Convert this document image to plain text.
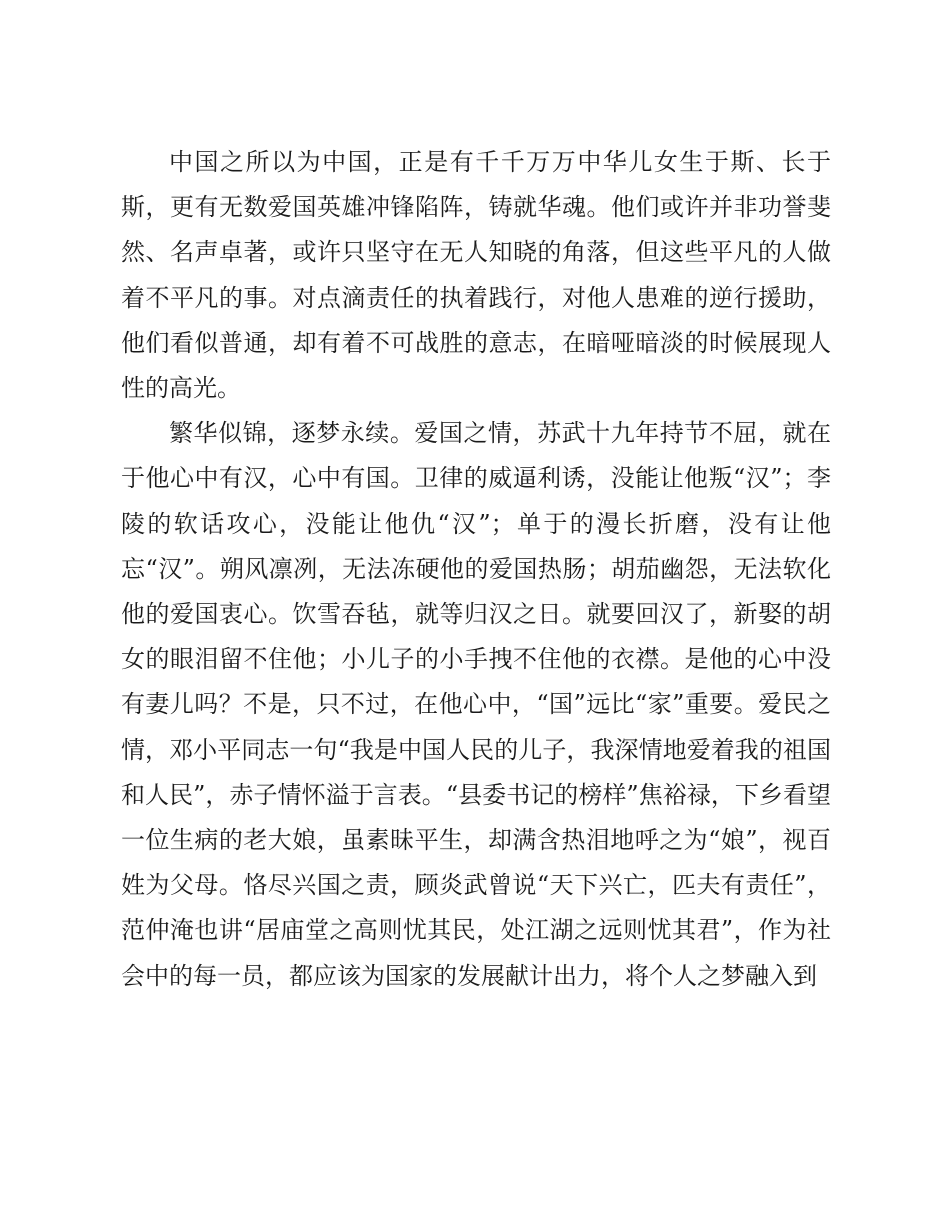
中国之所以为中国，正是有千千万万中华儿女生于斯、长于斯，更有无数爱国英雄冲锋陷阵，铸就华魂。他们或许并非功誉斐然、名声卓著，或许只坚守在无人知晓的角落，但这些平凡的人做着不平凡的事。对点滴责任的执着践行，对他人患难的逆行援助，他们看似普通，却有着不可战胜的意志，在暗哑暗淡的时候展现人性的高光。

繁华似锦，逐梦永续。爱国之情，苏武十九年持节不屈，就在于他心中有汉，心中有国。卫律的威逼利诱，没能让他叛“汉”；李陵的软话攻心，没能让他仇“汉”；单于的漫长折磨，没有让他忘“汉”。朔风凛冽，无法冻硬他的爱国热肠；胡茄幽怨，无法软化他的爱国衷心。饮雪吞毡，就等归汉之日。就要回汉了，新娶的胡女的眼泪留不住他；小儿子的小手拽不住他的衣襟。是他的心中没有妻儿吗？不是，只不过，在他心中，“国”远比“家”重要。爱民之情，邓小平同志一句“我是中国人民的儿子，我深情地爱着我的祖国和人民”，赤子情怀溢于言表。“县委书记的榜样”焦裕禄，下乡看望一位生病的老大娘，虽素昧平生，却满含热泪地呼之为“娘”，视百姓为父母。恪尽兴国之责，顾炎武曾说“天下兴亡，匹夫有责任”，范仲淹也讲“居庙堂之高则忧其民，处江湖之远则忧其君”，作为社会中的每一员，都应该为国家的发展献计出力，将个人之梦融入到
